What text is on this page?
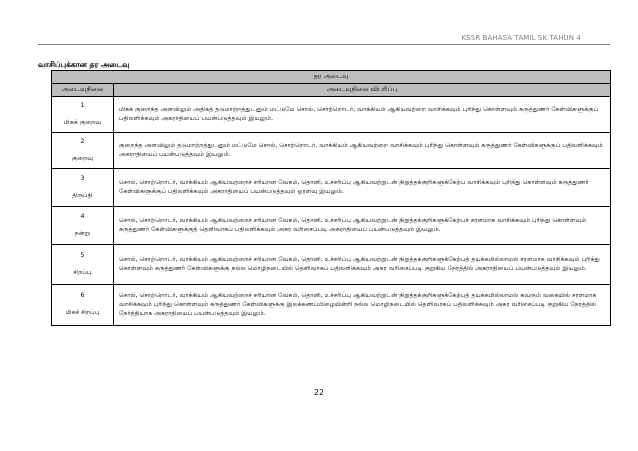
KSSR BAHASA TAMIL SK TAHUN 4
வாசிப்புக்கான தர அடைவு
தர அடைவு	
அடைவுநிலை	அடைவுநிலை விபரிப்பு

1
மிகக் குறைவு	மிகக் குறைந்த அளவிலும் அதிகத் தடுமாற்றத்துடனும் மட்டுமே சொல், சொற்றொடர், வாக்கியம் ஆகியவற்றை வாசிக்கவும் புரிந்து கொள்ளவும் கருத்துணர் கேள்விகளுக்குப் பதிலளிக்கவும் அகராதியைப் பயன்படுத்தவும் இயலும்.

2
குறைவு	குறைந்த அளவிலும் தடுமாற்றத்துடனும் மட்டுமே சொல், சொற்றொடர், வாக்கியம் ஆகியவற்றை வாசிக்கவும் புரிந்து கொள்ளவும் கருத்துணர் கேள்விகளுக்குப் பதிலளிக்கவும் அகராதியைப் பயன்படுத்தவும் இயலும்.

3
திருப்தி	சொல், சொற்றொடர், வாக்கியம் ஆகியவற்றைச் சரியான வேகம், தொனி, உச்சரிப்பு ஆகியவற்றுடன் நிறுத்தக்குறிகளுக்கேற்ப வாசிக்கவும் புரிந்து கொள்ளவும் கருத்துணர் கேள்விகளுக்குப் பதிலளிக்கவும் அகராதியைப் பயன்படுத்தவும் ஓரளவு இயலும்.

4
நன்று	சொல், சொற்றொடர், வாக்கியம் ஆகியவற்றைச் சரியான வேகம், தொனி, உச்சரிப்பு ஆகியவற்றுடன் நிறுத்தக்குறிகளுக்கேற்பச் சரளமாக வாசிக்கவும் புரிந்து கொள்ளவும் கருத்துணர் கேள்விகளுக்குத் தெளிவாகப் பதிலளிக்கவும் அகர வரிசைப்படி அகராதியைப் பயன்படுத்தவும் இயலும்.

5
சிறப்பு	சொல், சொற்றொடர், வாக்கியம் ஆகியவற்றைச் சரியான வேகம், தொனி, உச்சரிப்பு ஆகியவற்றுடன் நிறுத்தக்குறிகளுக்கேற்பத் தயக்கமில்லாமல் சரளமாக வாசிக்கவும் புரிந்து கொள்ளவும் கருத்துணர் கேள்விகளுக்கு நல்ல மொழிநடையில் தெளிவாகப் பதிலளிக்கவும் அகர வரிசைப்படி குறுகிய நேரத்தில் அகராதியைப் பயன்படுத்தவும் இயலும்.

6
மிகச் சிறப்பு	சொல், சொற்றொடர், வாக்கியம் ஆகியவற்றைச் சரியான வேகம், தொனி, உச்சரிப்பு ஆகியவற்றுடன் நிறுத்தக்குறிகளுக்கேற்பத் தயக்கமில்லாமல் கவரும் வகையில் சரளமாக வாசிக்கவும் புரிந்து கொள்ளவும் கருத்துணர் கேள்விகளுக்கு இலக்கணப்பிழையின்றி நல்ல மொழிநடையில் தெளிவாகப் பதிலளிக்கவும் அகர வரிசைப்படி குறுகிய நேரத்தில் நேர்த்தியாக அகராதியைப் பயன்படுத்தவும் இயலும்.
22
